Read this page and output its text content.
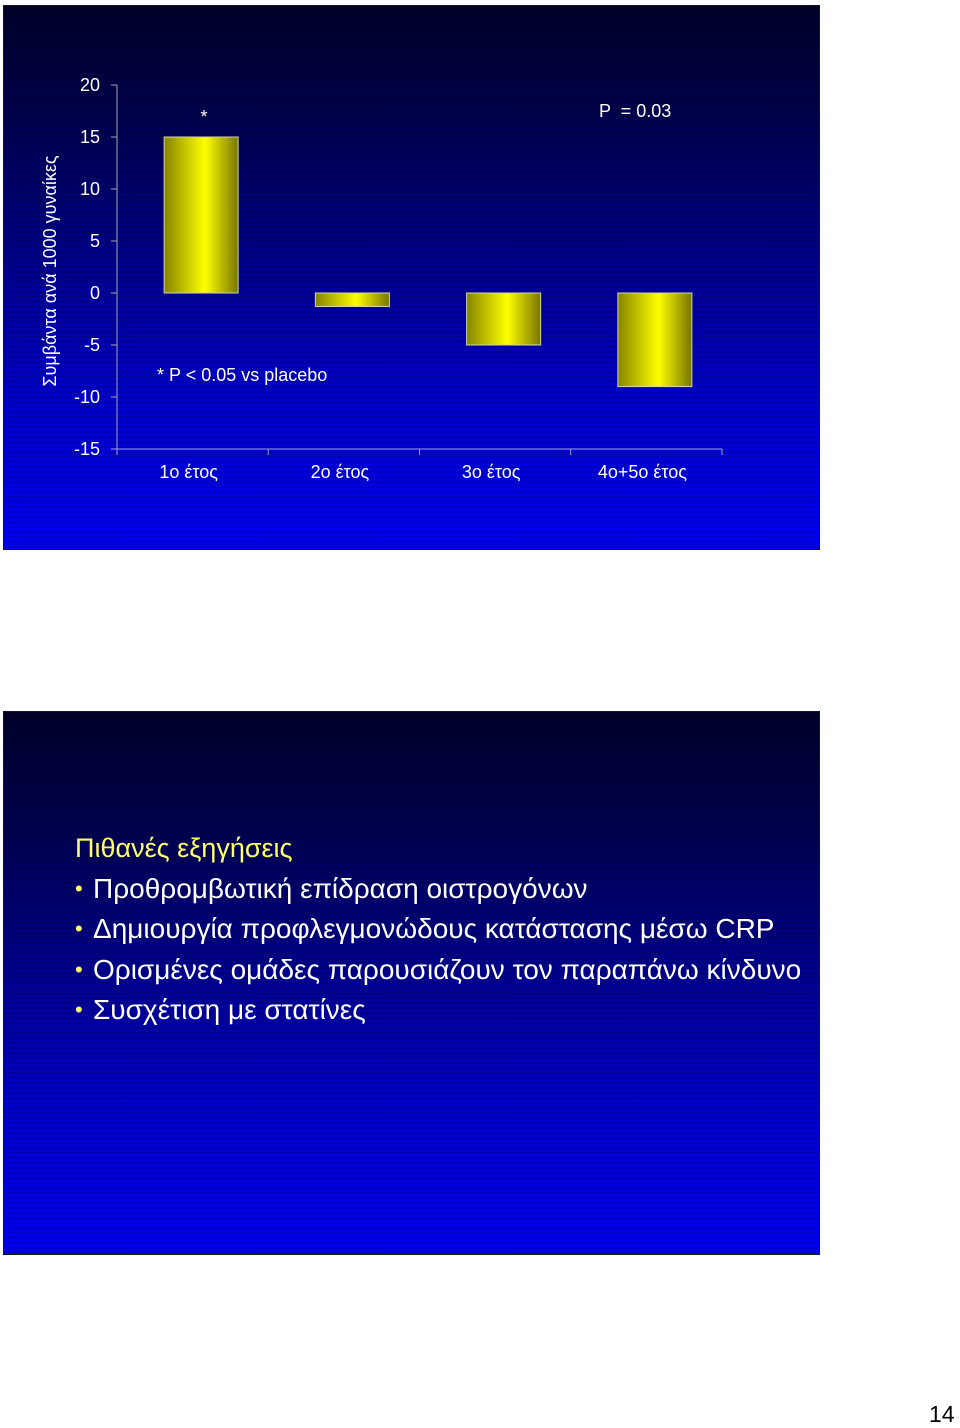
20
15
10
5
0
-5
-10
-15
1ο έτος	2ο έτος	3ο έτος	4ο+5ο έτος
Συμβάντα ανά 1000 γυναίκες
*	P  = 0.03
* P < 0.05 vs placebo
Πιθανές εξηγήσεις
• Προθρομβωτική επίδραση οιστρογόνων
• Δημιουργία προφλεγμονώδους κατάστασης μέσω CRP
• Ορισμένες ομάδες παρουσιάζουν τον παραπάνω κίνδυνο
• Συσχέτιση με στατίνες
14
